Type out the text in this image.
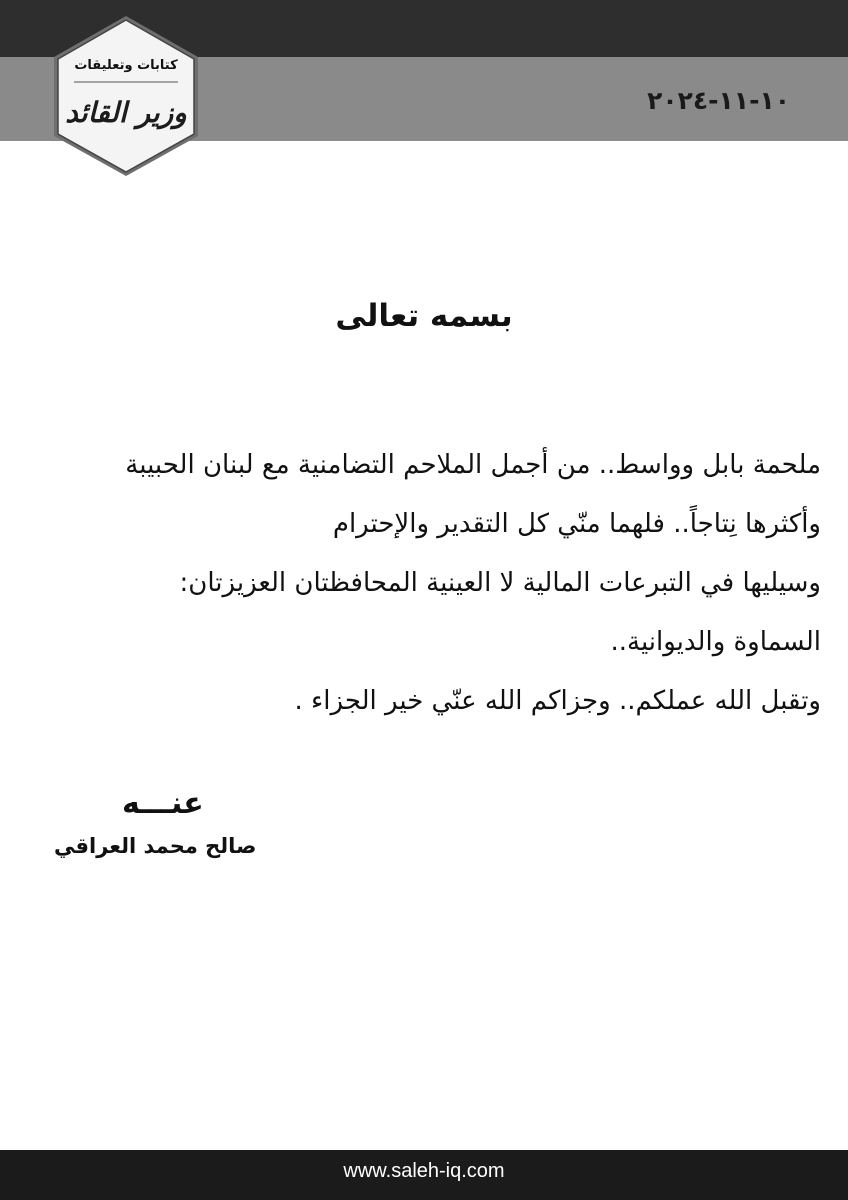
١٠-١١-٢٠٢٤
كتابات وتعليقات
وزير القائد
بسمه تعالى
ملحمة بابل وواسط.. من أجمل الملاحم التضامنية مع لبنان الحبيبة
وأكثرها نِتاجاً.. فلهما منّي كل التقدير والإحترام
وسيليها في التبرعات المالية لا العينية المحافظتان العزيزتان:
السماوة والديوانية..
وتقبل الله عملكم.. وجزاكم الله عنّي خير الجزاء .
عنـــه
صالح محمد العراقي
www.saleh-iq.com
